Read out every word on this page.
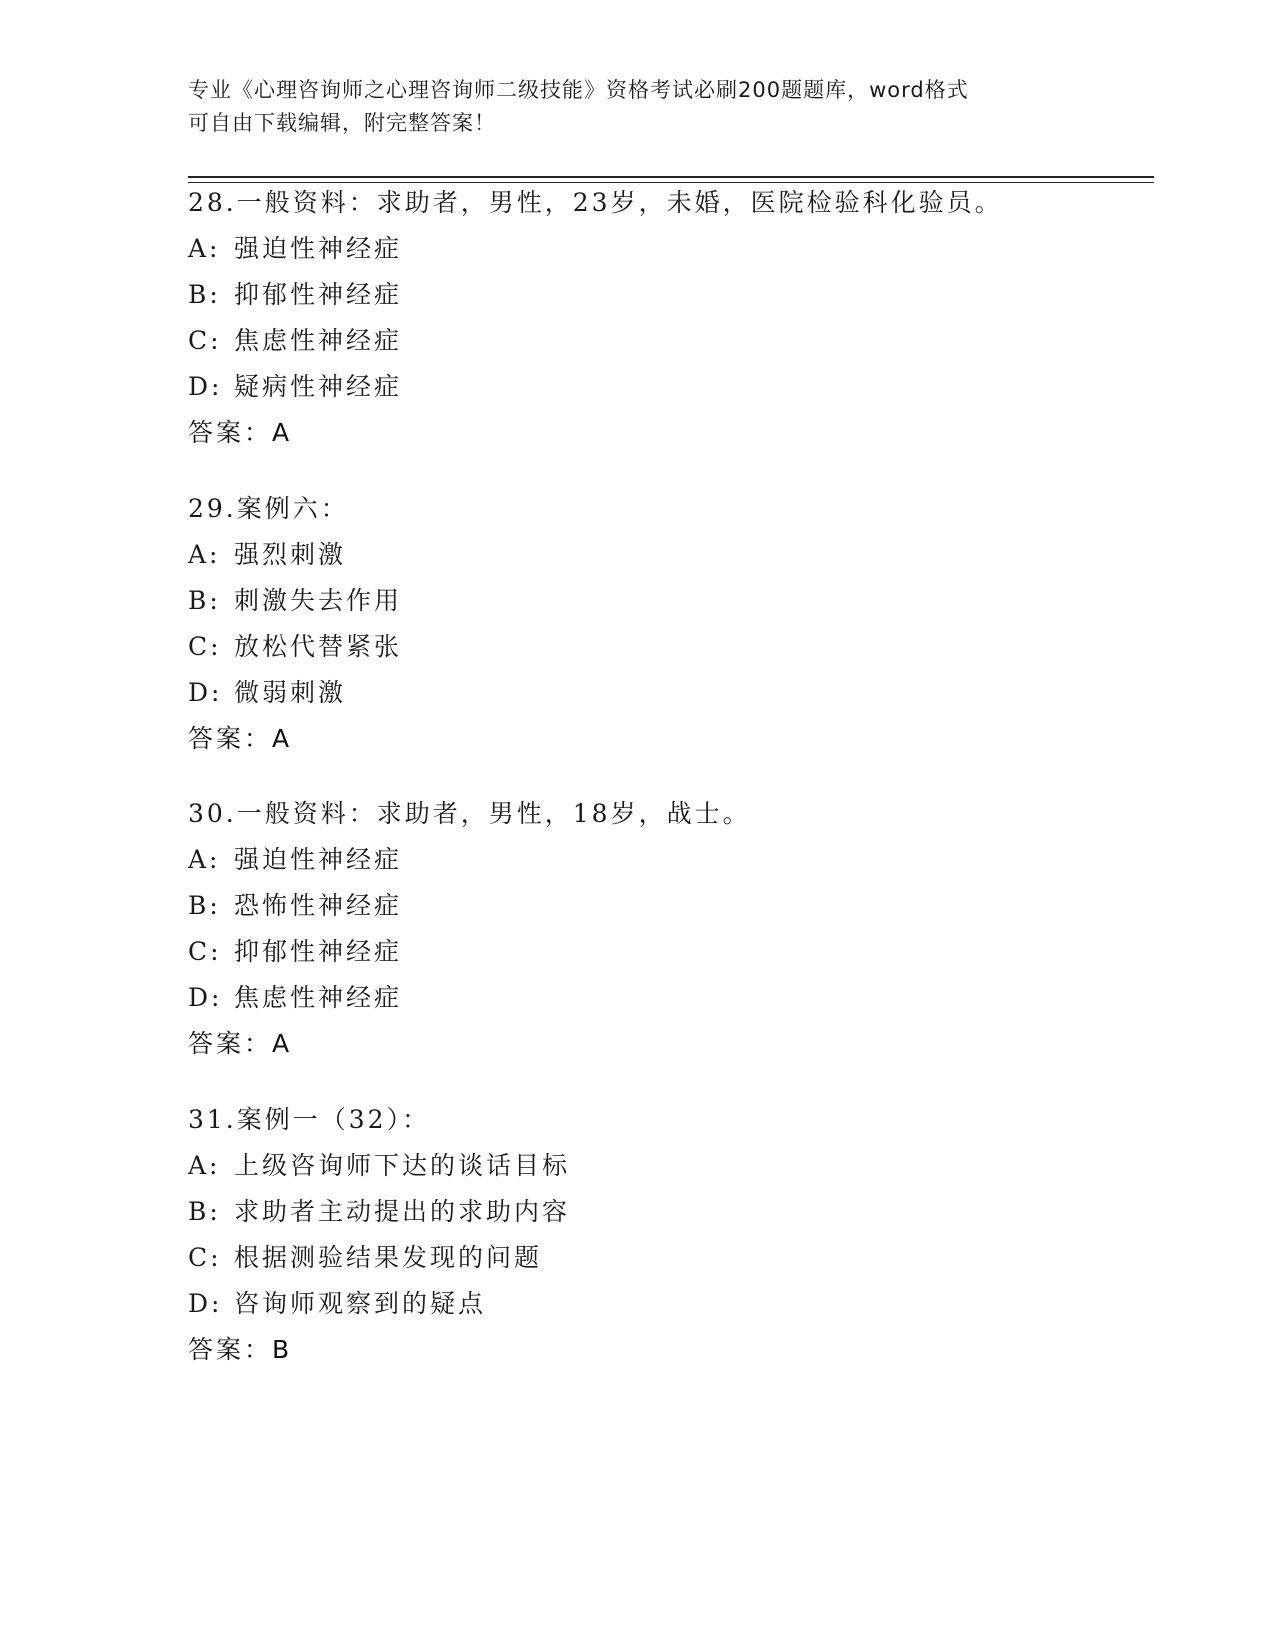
专业《心理咨询师之心理咨询师二级技能》资格考试必刷200题题库，word格式
可自由下载编辑，附完整答案！
28.一般资料：求助者，男性，23岁，未婚，医院检验科化验员。
A: 强迫性神经症
B: 抑郁性神经症
C: 焦虑性神经症
D: 疑病性神经症
答案：A
29.案例六：
A: 强烈刺激
B: 刺激失去作用
C: 放松代替紧张
D: 微弱刺激
答案：A
30.一般资料：求助者，男性，18岁，战士。
A: 强迫性神经症
B: 恐怖性神经症
C: 抑郁性神经症
D: 焦虑性神经症
答案：A
31.案例一（32）：
A: 上级咨询师下达的谈话目标
B: 求助者主动提出的求助内容
C: 根据测验结果发现的问题
D: 咨询师观察到的疑点
答案：B
